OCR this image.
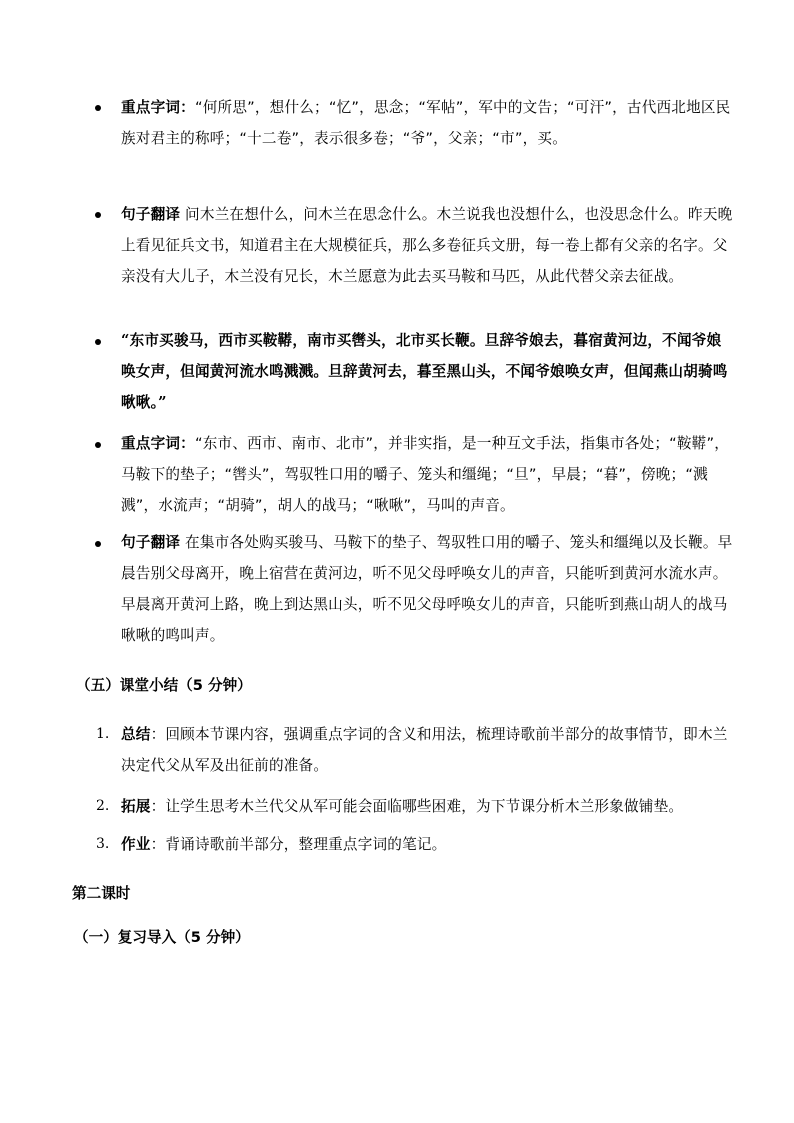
重点字词：“何所思”，想什么；“忆”，思念；“军帖”，军中的文告；“可汗”，古代西北地区民族对君主的称呼；“十二卷”，表示很多卷；“爷”，父亲；“市”，买。
句子翻译 问木兰在想什么，问木兰在思念什么。木兰说我也没想什么，也没思念什么。昨天晚上看见征兵文书，知道君主在大规模征兵，那么多卷征兵文册，每一卷上都有父亲的名字。父亲没有大儿子，木兰没有兄长，木兰愿意为此去买马鞍和马匹，从此代替父亲去征战。
“东市买骏马，西市买鞍鞯，南市买辔头，北市买长鞭。旦辞爷娘去，暮宿黄河边，不闻爷娘唤女声，但闻黄河流水鸣溅溅。旦辞黄河去，暮至黑山头，不闻爷娘唤女声，但闻燕山胡骑鸣啾啾。”
重点字词：“东市、西市、南市、北市”，并非实指，是一种互文手法，指集市各处；“鞍鞯”，马鞍下的垫子；“辔头”，驾驭牲口用的嚼子、笼头和缰绳；“旦”，早晨；“暮”，傍晚；“溅溅”，水流声；“胡骑”，胡人的战马；“啾啾”，马叫的声音。
句子翻译 在集市各处购买骏马、马鞍下的垫子、驾驭牲口用的嚼子、笼头和缰绳以及长鞭。早晨告别父母离开，晚上宿营在黄河边，听不见父母呼唤女儿的声音，只能听到黄河水流水声。早晨离开黄河上路，晚上到达黑山头，听不见父母呼唤女儿的声音，只能听到燕山胡人的战马啾啾的鸣叫声。
（五）课堂小结（5 分钟）
1. 总结：回顾本节课内容，强调重点字词的含义和用法，梳理诗歌前半部分的故事情节，即木兰决定代父从军及出征前的准备。
2. 拓展：让学生思考木兰代父从军可能会面临哪些困难，为下节课分析木兰形象做铺垫。
3. 作业：背诵诗歌前半部分，整理重点字词的笔记。
第二课时
（一）复习导入（5 分钟）
